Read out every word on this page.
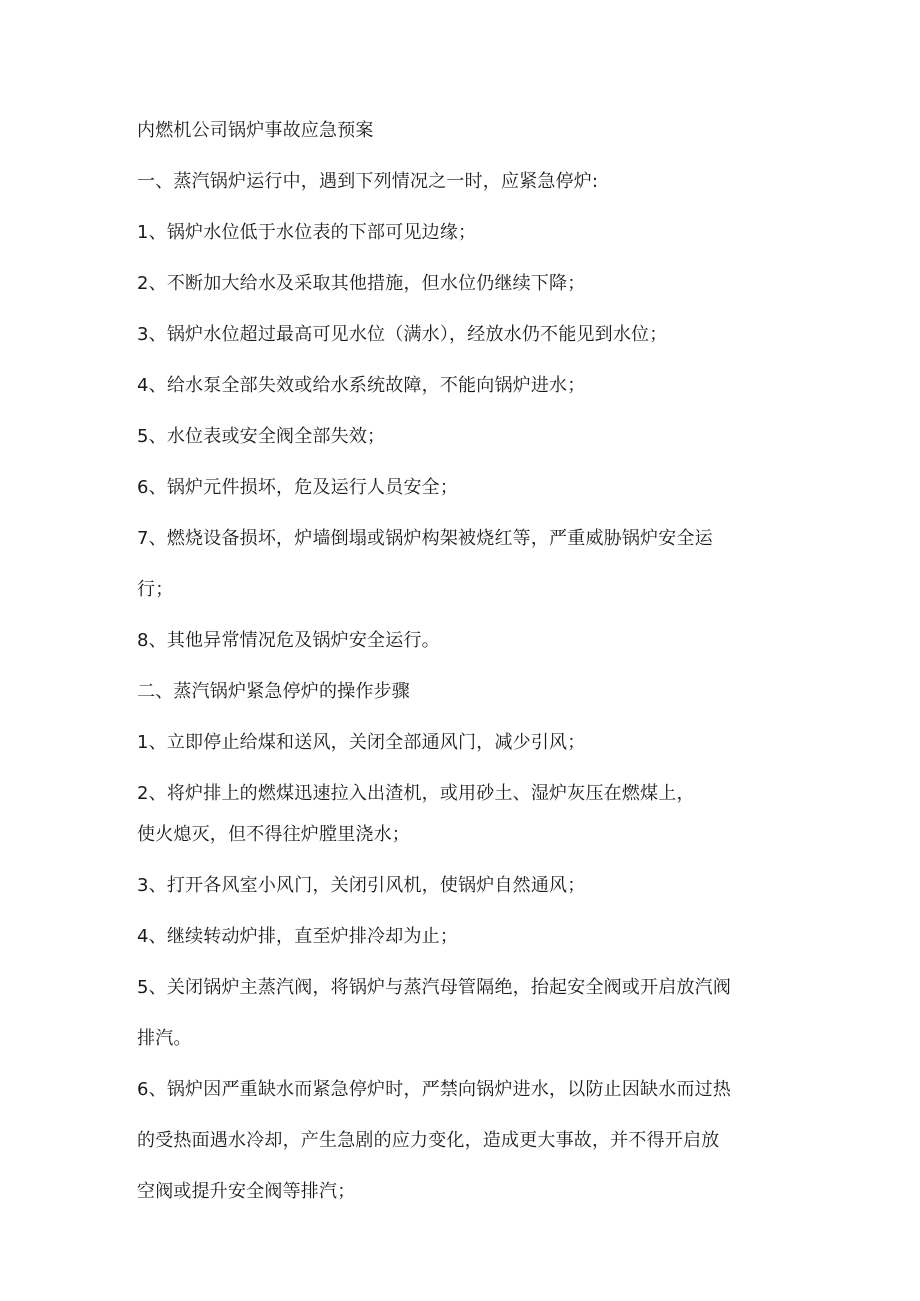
内燃机公司锅炉事故应急预案
一、蒸汽锅炉运行中，遇到下列情况之一时，应紧急停炉:
1、锅炉水位低于水位表的下部可见边缘；
2、不断加大给水及采取其他措施，但水位仍继续下降；
3、锅炉水位超过最高可见水位（满水），经放水仍不能见到水位；
4、给水泵全部失效或给水系统故障，不能向锅炉进水；
5、水位表或安全阀全部失效；
6、锅炉元件损坏，危及运行人员安全；
7、燃烧设备损坏，炉墙倒塌或锅炉构架被烧红等，严重威胁锅炉安全运
行；
8、其他异常情况危及锅炉安全运行。
二、蒸汽锅炉紧急停炉的操作步骤
1、立即停止给煤和送风，关闭全部通风门，减少引风；
2、将炉排上的燃煤迅速拉入出渣机，或用砂土、湿炉灰压在燃煤上，
使火熄灭，但不得往炉膛里浇水；
3、打开各风室小风门，关闭引风机，使锅炉自然通风；
4、继续转动炉排，直至炉排冷却为止；
5、关闭锅炉主蒸汽阀，将锅炉与蒸汽母管隔绝，抬起安全阀或开启放汽阀
排汽。
6、锅炉因严重缺水而紧急停炉时，严禁向锅炉进水，以防止因缺水而过热
的受热面遇水冷却，产生急剧的应力变化，造成更大事故，并不得开启放
空阀或提升安全阀等排汽；
